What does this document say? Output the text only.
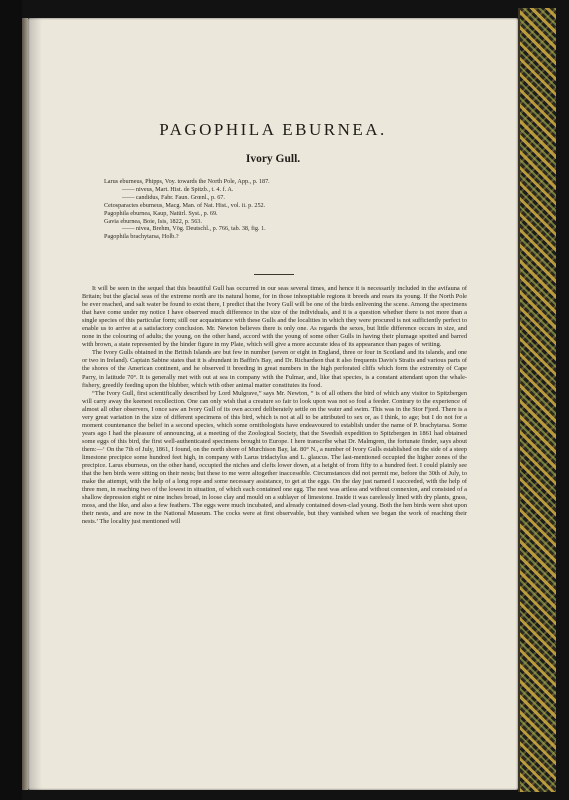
PAGOPHILA EBURNEA.
Ivory Gull.
Larus eburneus, Phipps, Voy. towards the North Pole, App., p. 187.
—— niveus, Mart. Hist. de Spitzb., t. 4. f. A.
—— candidus, Fabr. Faun. Grœnl., p. 67.
Cetosparactes eburneus, Macg. Man. of Nat. Hist., vol. ii. p. 252.
Pagophila eburnea, Kaup, Natürl. Syst., p. 69.
Gavia eburnea, Boie, Isis, 1822, p. 563.
—— nivea, Brehm, Vög. Deutschl., p. 766, tab. 38, fig. 1.
Pagophila brachytarsa, Holb.?

It will be seen in the sequel that this beautiful Gull has occurred in our seas several times, and hence it is necessarily included in the avifauna of Britain; but the glacial seas of the extreme north are its natural home, for in those inhospitable regions it breeds and rears its young. If the North Pole be ever reached, and salt water be found to exist there, I predict that the Ivory Gull will be one of the birds enlivening the scene. Among the specimens that have come under my notice I have observed much difference in the size of the individuals, and it is a question whether there is not more than a single species of this particular form; still our acquaintance with these Gulls and the localities in which they were procured is not sufficiently perfect to enable us to arrive at a satisfactory conclusion. Mr. Newton believes there is only one. As regards the sexes, but little difference occurs in size, and none in the colouring of adults; the young, on the other hand, accord with the young of some other Gulls in having their plumage spotted and barred with brown, a state represented by the hinder figure in my Plate, which will give a more accurate idea of its appearance than pages of writing.

The Ivory Gulls obtained in the British Islands are but few in number (seven or eight in England, three or four in Scotland and its islands, and one or two in Ireland). Captain Sabine states that it is abundant in Baffin's Bay, and Dr. Richardson that it also frequents Davis's Straits and various parts of the shores of the American continent, and he observed it breeding in great numbers in the high perforated cliffs which form the extremity of Cape Parry, in latitude 70°. It is generally met with out at sea in company with the Fulmar, and, like that species, is a constant attendant upon the whale-fishery, greedily feeding upon the blubber, which with other animal matter constitutes its food.

“The Ivory Gull, first scientifically described by Lord Mulgrave,” says Mr. Newton, “ is of all others the bird of which any visitor to Spitzbergen will carry away the keenest recollection. One can only wish that a creature so fair to look upon was not so foul a feeder. Contrary to the experience of almost all other observers, I once saw an Ivory Gull of its own accord deliberately settle on the water and swim. This was in the Stor Fjord. There is a very great variation in the size of different specimens of this bird, which is not at all to be attributed to sex or, as I think, to age; but I do not for a moment countenance the belief in a second species, which some ornithologists have endeavoured to establish under the name of P. brachytarsa. Some years ago I had the pleasure of announcing, at a meeting of the Zoological Society, that the Swedish expedition to Spitzbergen in 1861 had obtained some eggs of this bird, the first well-authenticated specimens brought to Europe. I here transcribe what Dr. Malmgren, the fortunate finder, says about them:—‘ On the 7th of July, 1861, I found, on the north shore of Murchison Bay, lat. 80° N., a number of Ivory Gulls established on the side of a steep limestone precipice some hundred feet high, in company with Larus tridactylus and L. glaucus. The last-mentioned occupied the higher zones of the precipice. Larus eburneus, on the other hand, occupied the niches and clefts lower down, at a height of from fifty to a hundred feet. I could plainly see that the hen birds were sitting on their nests; but these to me were altogether inaccessible. Circumstances did not permit me, before the 30th of July, to make the attempt, with the help of a long rope and some necessary assistance, to get at the eggs. On the day just named I succeeded, with the help of three men, in reaching two of the lowest in situation, of which each contained one egg. The nest was artless and without connexion, and consisted of a shallow depression eight or nine inches broad, in loose clay and mould on a sublayer of limestone. Inside it was carelessly lined with dry plants, grass, moss, and the like, and also a few feathers. The eggs were much incubated, and already contained down-clad young. Both the hen birds were shot upon their nests, and are now in the National Museum. The cocks were at first observable, but they vanished when we began the work of reaching their nests.’ The locality just mentioned will
